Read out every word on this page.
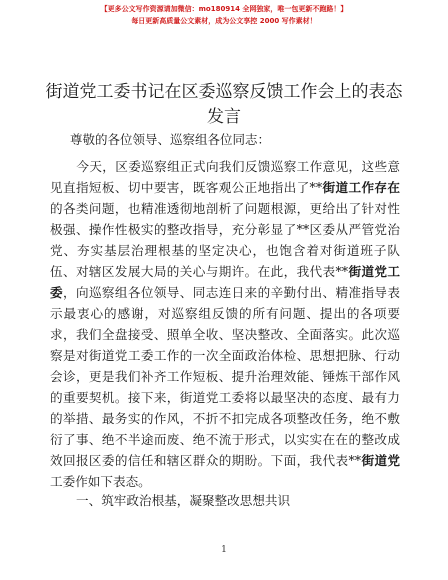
【更多公文写作资源请加微信：mo180914 全网独家，唯一包更新不跑路！】
每日更新高质量公文素材，成为公文享控 2000 写作素材！
街道党工委书记在区委巡察反馈工作会上的表态发言
尊敬的各位领导、巡察组各位同志：

今天，区委巡察组正式向我们反馈巡察工作意见，这些意见直指短板、切中要害，既客观公正地指出了**街道工作存在的各类问题，也精准透彻地剖析了问题根源，更给出了针对性极强、操作性极实的整改指导，充分彰显了**区委从严管党治党、夯实基层治理根基的坚定决心，也饱含着对街道班子队伍、对辖区发展大局的关心与期许。在此，我代表**街道党工委，向巡察组各位领导、同志连日来的辛勤付出、精准指导表示最衷心的感谢，对巡察组反馈的所有问题、提出的各项要求，我们全盘接受、照单全收、坚决整改、全面落实。此次巡察是对街道党工委工作的一次全面政治体检、思想把脉、行动会诊，更是我们补齐工作短板、提升治理效能、锤炼干部作风的重要契机。接下来，街道党工委将以最坚决的态度、最有力的举措、最务实的作风，不折不扣完成各项整改任务，绝不敷衍了事、绝不半途而废、绝不流于形式，以实实在在的整改成效回报区委的信任和辖区群众的期盼。下面，我代表**街道党工委作如下表态。

一、筑牢政治根基，凝聚整改思想共识
1
